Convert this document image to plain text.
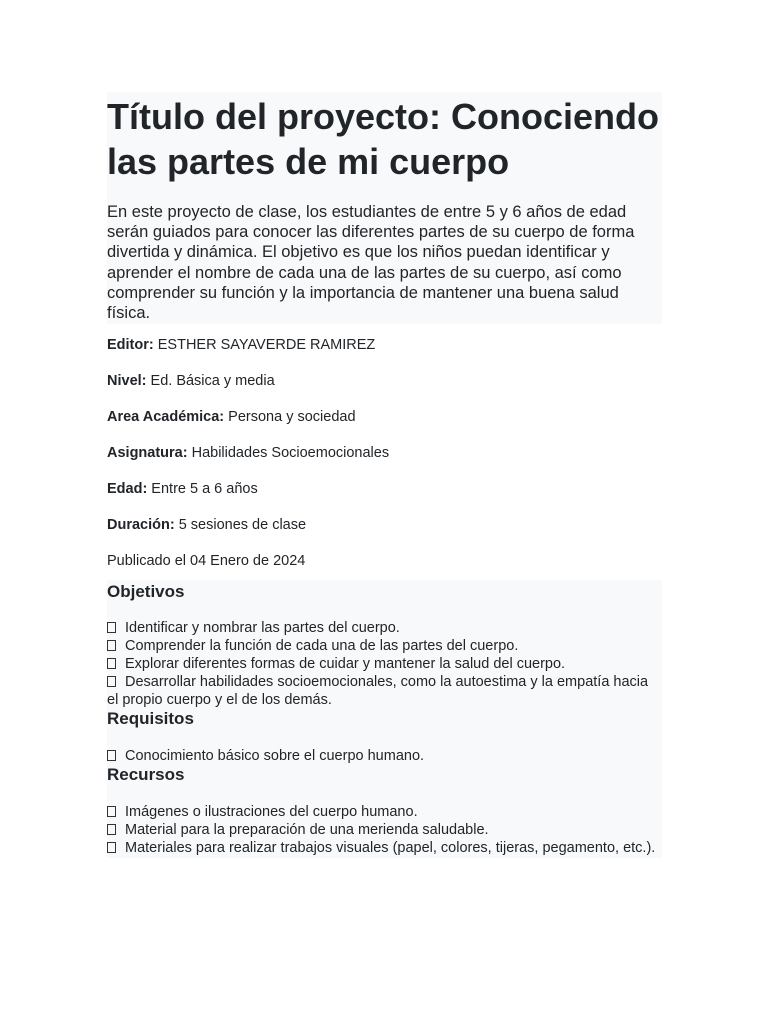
Título del proyecto: Conociendo las partes de mi cuerpo

En este proyecto de clase, los estudiantes de entre 5 y 6 años de edad serán guiados para conocer las diferentes partes de su cuerpo de forma divertida y dinámica. El objetivo es que los niños puedan identificar y aprender el nombre de cada una de las partes de su cuerpo, así como comprender su función y la importancia de mantener una buena salud física.

Editor: ESTHER SAYAVERDE RAMIREZ

Nivel: Ed. Básica y media

Area Académica: Persona y sociedad

Asignatura: Habilidades Socioemocionales

Edad: Entre 5 a 6 años

Duración: 5 sesiones de clase

Publicado el 04 Enero de 2024

Objetivos
Identificar y nombrar las partes del cuerpo.
Comprender la función de cada una de las partes del cuerpo.
Explorar diferentes formas de cuidar y mantener la salud del cuerpo.
Desarrollar habilidades socioemocionales, como la autoestima y la empatía hacia el propio cuerpo y el de los demás.
Requisitos
Conocimiento básico sobre el cuerpo humano.
Recursos
Imágenes o ilustraciones del cuerpo humano.
Material para la preparación de una merienda saludable.
Materiales para realizar trabajos visuales (papel, colores, tijeras, pegamento, etc.).
